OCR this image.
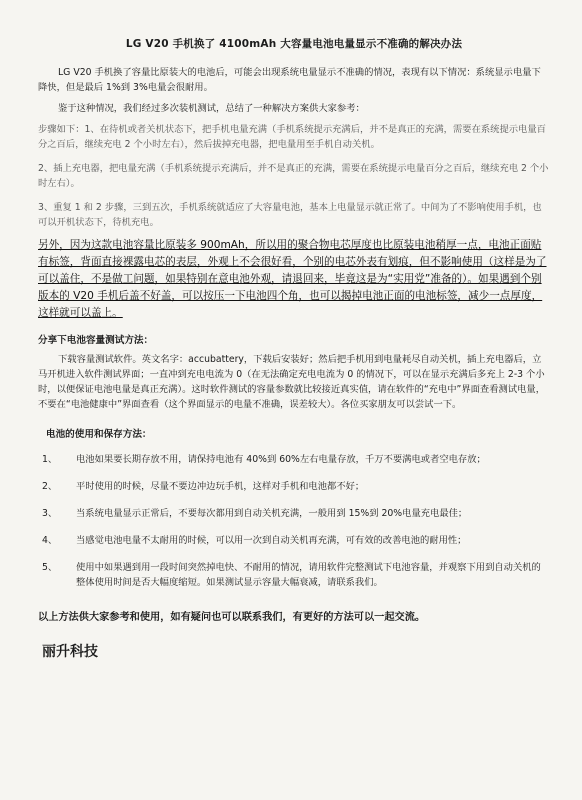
LG V20 手机换了 4100mAh 大容量电池电量显示不准确的解决办法

LG V20 手机换了容量比原装大的电池后，可能会出现系统电量显示不准确的情况，表现有以下情况：系统显示电量下降快，但是最后 1%到 3%电量会很耐用。

鉴于这种情况，我们经过多次装机测试，总结了一种解决方案供大家参考：

步骤如下：1、在待机或者关机状态下，把手机电量充满（手机系统提示充满后，并不是真正的充满，需要在系统提示电量百分之百后，继续充电 2 个小时左右），然后拔掉充电器，把电量用至手机自动关机。

2、插上充电器，把电量充满（手机系统提示充满后，并不是真正的充满，需要在系统提示电量百分之百后，继续充电 2 个小时左右）。

3、重复 1 和 2 步骤，三到五次，手机系统就适应了大容量电池，基本上电量显示就正常了。中间为了不影响使用手机，也可以开机状态下，待机充电。

另外，因为这款电池容量比原装多 900mAh，所以用的聚合物电芯厚度也比原装电池稍厚一点，电池正面贴有标签，背面直接裸露电芯的表层，外观上不会很好看，个别的电芯外表有划痕，但不影响使用（这样是为了可以盖住，不是做工问题，如果特别在意电池外观，请退回来，毕竟这是为“实用党”准备的）。如果遇到个别版本的 V20 手机后盖不好盖，可以按压一下电池四个角，也可以揭掉电池正面的电池标签，减少一点厚度，这样就可以盖上。

分享下电池容量测试方法：

下载容量测试软件。英文名字：accubattery，下载后安装好；然后把手机用到电量耗尽自动关机，插上充电器后，立马开机进入软件测试界面；一直冲到充电电流为 0（在无法确定充电电流为 0 的情况下，可以在显示充满后多充上 2-3 个小时，以便保证电池电量是真正充满）。这时软件测试的容量参数就比较接近真实值，请在软件的“充电中”界面查看测试电量，不要在“电池健康中”界面查看（这个界面显示的电量不准确，误差较大）。各位买家朋友可以尝试一下。

电池的使用和保存方法：
1、	电池如果要长期存放不用，请保持电池有 40%到 60%左右电量存放，千万不要满电或者空电存放；
2、	平时使用的时候，尽量不要边冲边玩手机，这样对手机和电池都不好；
3、	当系统电量显示正常后，不要每次都用到自动关机充满，一般用到 15%到 20%电量充电最佳；
4、	当感觉电池电量不太耐用的时候，可以用一次到自动关机再充满，可有效的改善电池的耐用性；
5、	使用中如果遇到用一段时间突然掉电快、不耐用的情况，请用软件完整测试下电池容量，并观察下用到自动关机的整体使用时间是否大幅度缩短。如果测试显示容量大幅衰减，请联系我们。
以上方法供大家参考和使用，如有疑问也可以联系我们，有更好的方法可以一起交流。
丽升科技
